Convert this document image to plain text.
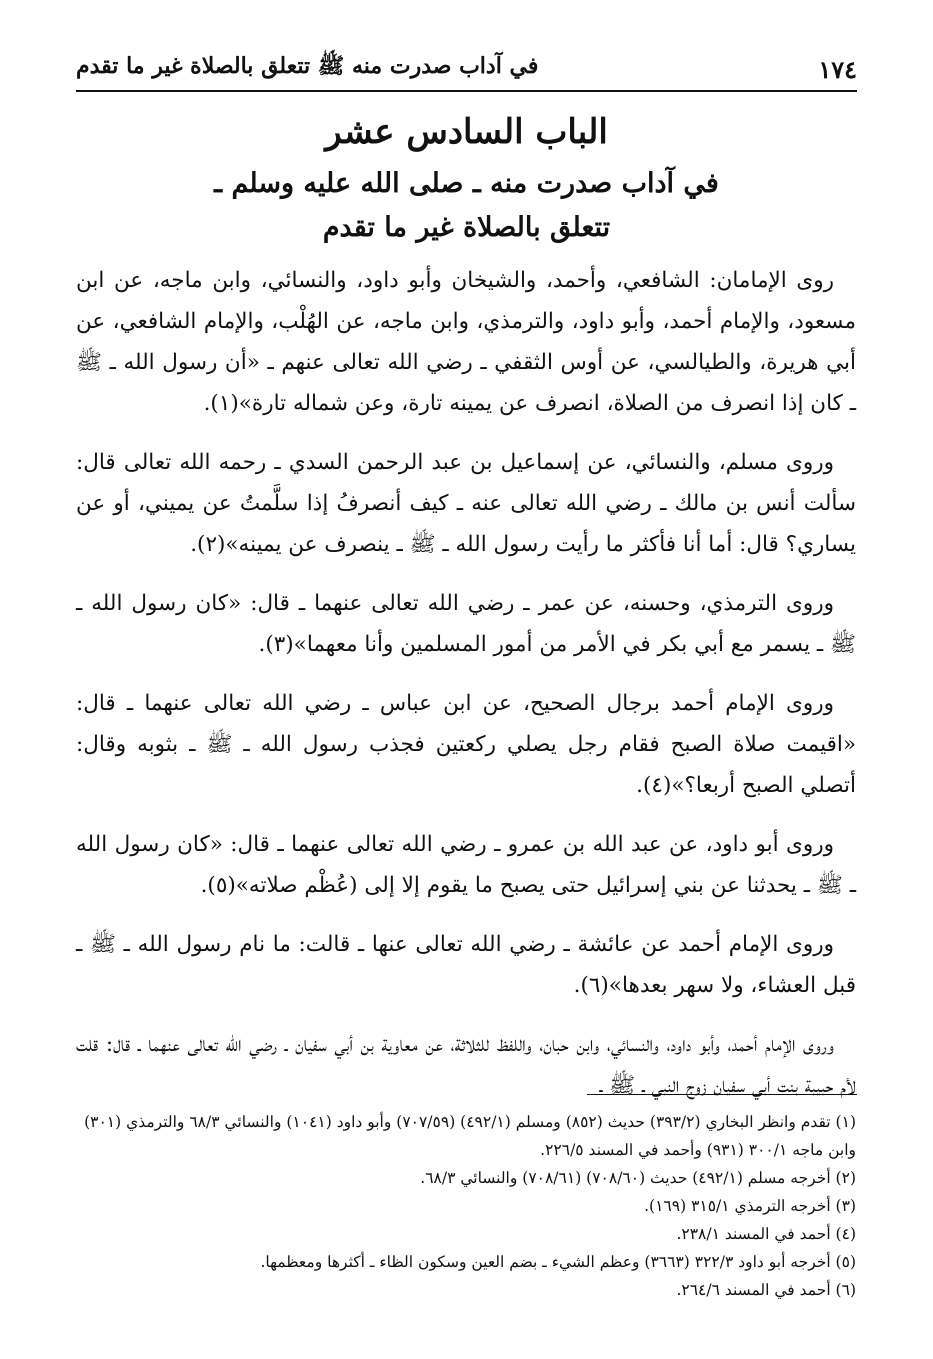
١٧٤
في آداب صدرت منه ﷺ تتعلق بالصلاة غير ما تقدم
الباب السادس عشر
في آداب صدرت منه ـ صلى الله عليه وسلم ـ
تتعلق بالصلاة غير ما تقدم

روى الإمامان: الشافعي، وأحمد، والشيخان وأبو داود، والنسائي، وابن ماجه، عن ابن مسعود، والإمام أحمد، وأبو داود، والترمذي، وابن ماجه، عن الهُلْب، والإمام الشافعي، عن أبي هريرة، والطيالسي، عن أوس الثقفي ـ رضي الله تعالى عنهم ـ «أن رسول الله ـ ﷺ ـ كان إذا انصرف من الصلاة، انصرف عن يمينه تارة، وعن شماله تارة»(١).

وروى مسلم، والنسائي، عن إسماعيل بن عبد الرحمن السدي ـ رحمه الله تعالى قال: سألت أنس بن مالك ـ رضي الله تعالى عنه ـ كيف أنصرفُ إذا سلَّمتُ عن يميني، أو عن يساري؟ قال: أما أنا فأكثر ما رأيت رسول الله ـ ﷺ ـ ينصرف عن يمينه»(٢).

وروى الترمذي، وحسنه، عن عمر ـ رضي الله تعالى عنهما ـ قال: «كان رسول الله ـ ﷺ ـ يسمر مع أبي بكر في الأمر من أمور المسلمين وأنا معهما»(٣).

وروى الإمام أحمد برجال الصحيح، عن ابن عباس ـ رضي الله تعالى عنهما ـ قال: «اقيمت صلاة الصبح فقام رجل يصلي ركعتين فجذب رسول الله ـ ﷺ ـ بثوبه وقال: أتصلي الصبح أربعا؟»(٤).

وروى أبو داود، عن عبد الله بن عمرو ـ رضي الله تعالى عنهما ـ قال: «كان رسول الله ـ ﷺ ـ يحدثنا عن بني إسرائيل حتى يصبح ما يقوم إلا إلى (عُظْم صلاته»(٥).

وروى الإمام أحمد عن عائشة ـ رضي الله تعالى عنها ـ قالت: ما نام رسول الله ـ ﷺ ـ قبل العشاء، ولا سهر بعدها»(٦).

وروى الإمام أحمد، وأبو داود، والنسائي، وابن حبان، واللفظ للثلاثة، عن معاوية بن أبي سفيان ـ رضي الله تعالى عنهما ـ قال: قلت لأم حبيبة بنت أبي سفيان زوج النبي ـ ﷺ ـ

(١) تقدم وانظر البخاري (٣٩٣/٢) حديث (٨٥٢) ومسلم (٤٩٢/١) (٧٠٧/٥٩) وأبو داود (١٠٤١) والنسائي ٦٨/٣ والترمذي (٣٠١) وابن ماجه ٣٠٠/١ (٩٣١) وأحمد في المسند ٢٢٦/٥.

(٢) أخرجه مسلم (٤٩٢/١) حديث (٧٠٨/٦٠) (٧٠٨/٦١) والنسائي ٦٨/٣.

(٣) أخرجه الترمذي ٣١٥/١ (١٦٩).

(٤) أحمد في المسند ٢٣٨/١.

(٥) أخرجه أبو داود ٣٢٢/٣ (٣٦٦٣) وعظم الشيء ـ بضم العين وسكون الظاء ـ أكثرها ومعظمها.

(٦) أحمد في المسند ٢٦٤/٦.
